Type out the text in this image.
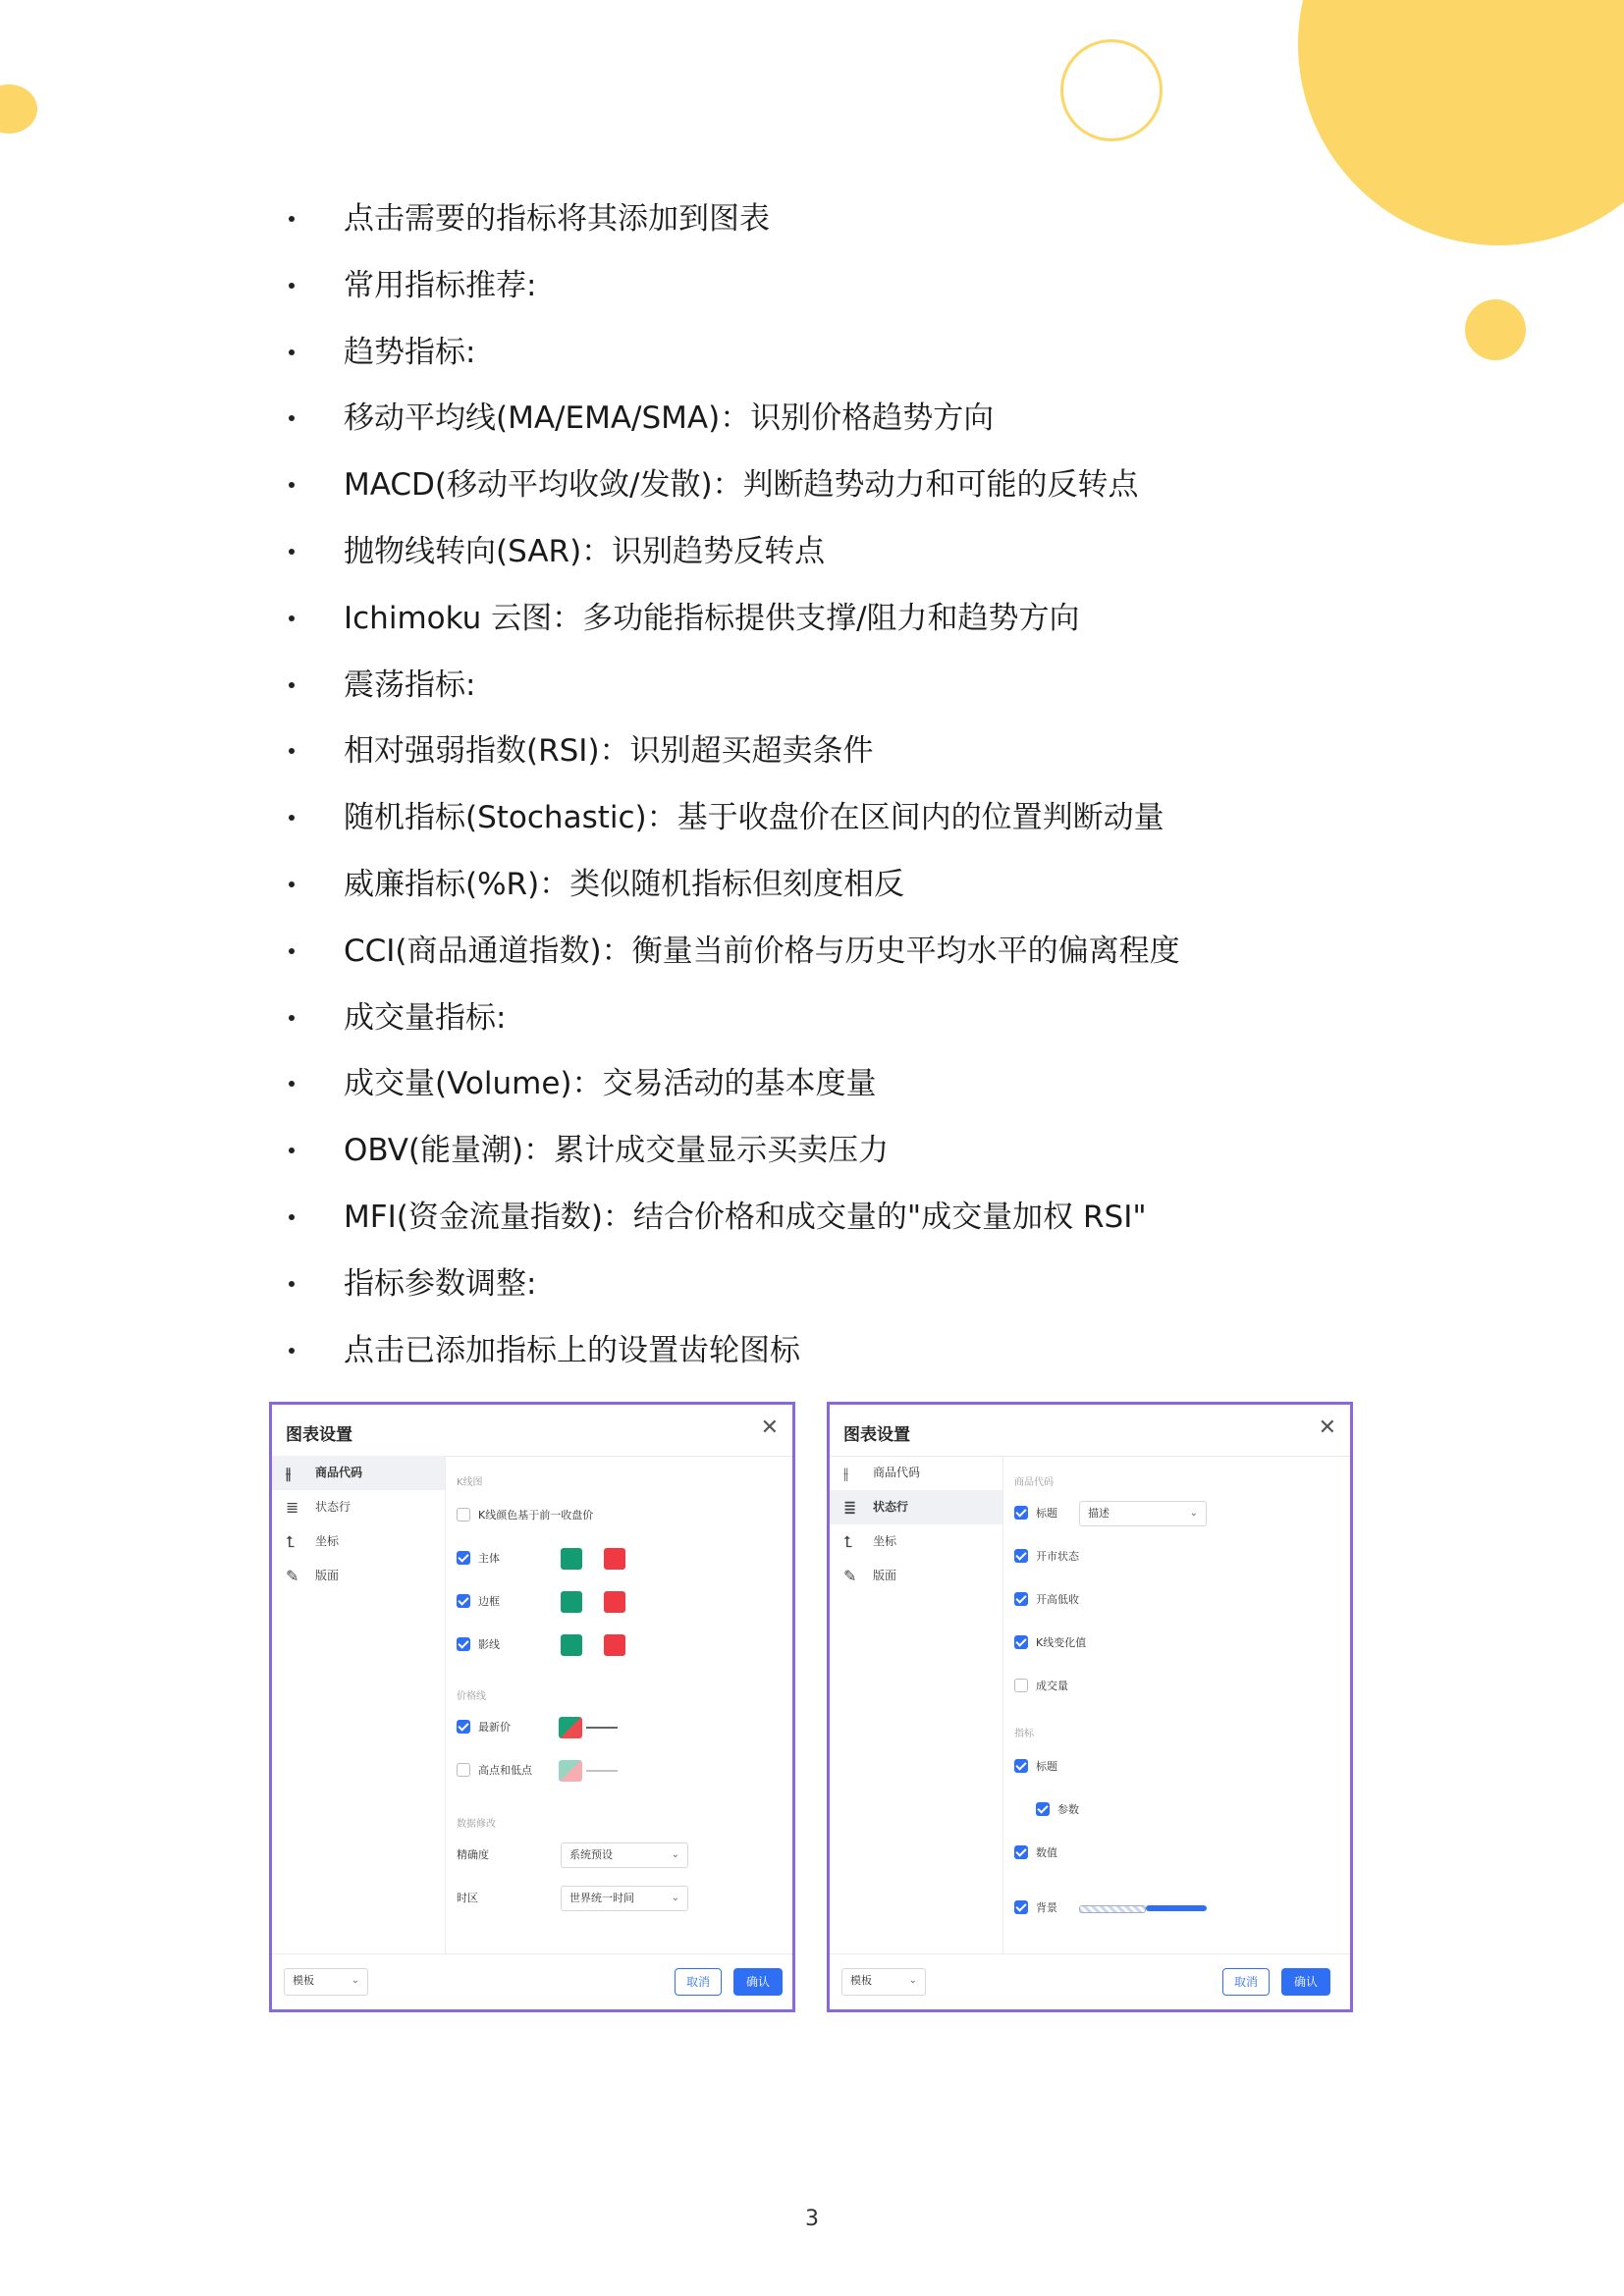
点击需要的指标将其添加到图表
常用指标推荐:
趋势指标:
移动平均线(MA/EMA/SMA)：识别价格趋势方向
MACD(移动平均收敛/发散)：判断趋势动力和可能的反转点
抛物线转向(SAR)：识别趋势反转点
Ichimoku 云图：多功能指标提供支撑/阻力和趋势方向
震荡指标:
相对强弱指数(RSI)：识别超买超卖条件
随机指标(Stochastic)：基于收盘价在区间内的位置判断动量
威廉指标(%R)：类似随机指标但刻度相反
CCI(商品通道指数)：衡量当前价格与历史平均水平的偏离程度
成交量指标:
成交量(Volume)：交易活动的基本度量
OBV(能量潮)：累计成交量显示买卖压力
MFI(资金流量指数)：结合价格和成交量的"成交量加权 RSI"
指标参数调整:
点击已添加指标上的设置齿轮图标
图表设置	✕
⫲ 商品代码
≣ 状态行
⮤ 坐标
✎ 版面
K线图
K线颜色基于前一收盘价
主体
边框
影线
价格线
最新价
高点和低点
数据修改
精确度	系统预设	⌄
时区	世界统一时间	⌄
模板	⌄	取消	确认
图表设置	✕
⫲ 商品代码
≣ 状态行
⮤ 坐标
✎ 版面
商品代码
标题	描述	⌄
开市状态
开高低收
K线变化值
成交量
指标
标题
参数
数值
背景
模板	⌄	取消	确认
3
